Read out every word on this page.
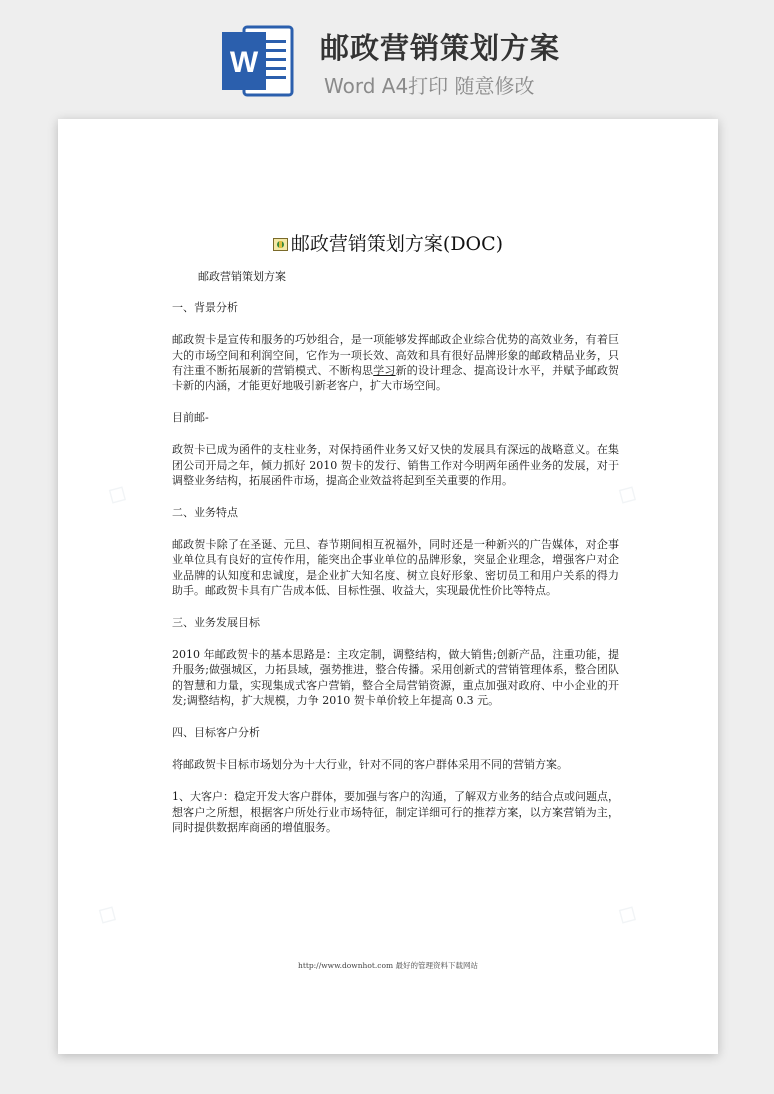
W 邮政营销策划方案
Word A4打印 随意修改
◇	◇
◇	◇
邮政营销策划方案(DOC)

邮政营销策划方案

一、背景分析

邮政贺卡是宣传和服务的巧妙组合，是一项能够发挥邮政企业综合优势的高效业务，有着巨大的市场空间和利润空间，它作为一项长效、高效和具有很好品牌形象的邮政精品业务，只有注重不断拓展新的营销模式、不断构思学习新的设计理念、提高设计水平，并赋予邮政贺卡新的内涵，才能更好地吸引新老客户，扩大市场空间。

目前邮-

政贺卡已成为函件的支柱业务，对保持函件业务又好又快的发展具有深远的战略意义。在集团公司开局之年，倾力抓好 2010 贺卡的发行、销售工作对今明两年函件业务的发展，对于调整业务结构，拓展函件市场，提高企业效益将起到至关重要的作用。

二、业务特点

邮政贺卡除了在圣诞、元旦、春节期间相互祝福外，同时还是一种新兴的广告媒体，对企事业单位具有良好的宣传作用，能突出企事业单位的品牌形象，突显企业理念，增强客户对企业品牌的认知度和忠诚度，是企业扩大知名度、树立良好形象、密切员工和用户关系的得力助手。邮政贺卡具有广告成本低、目标性强、收益大，实现最优性价比等特点。

三、业务发展目标

2010 年邮政贺卡的基本思路是：主攻定制，调整结构，做大销售;创新产品，注重功能，提升服务;做强城区，力拓县域，强势推进，整合传播。采用创新式的营销管理体系，整合团队的智慧和力量，实现集成式客户营销，整合全局营销资源，重点加强对政府、中小企业的开发;调整结构，扩大规模，力争 2010 贺卡单价较上年提高 0.3 元。

四、目标客户分析

将邮政贺卡目标市场划分为十大行业，针对不同的客户群体采用不同的营销方案。

1、大客户：稳定开发大客户群体，要加强与客户的沟通，了解双方业务的结合点或问题点，想客户之所想，根据客户所处行业市场特征，制定详细可行的推荐方案，以方案营销为主，同时提供数据库商函的增值服务。

http://www.downhot.com 最好的管理资料下载网站
